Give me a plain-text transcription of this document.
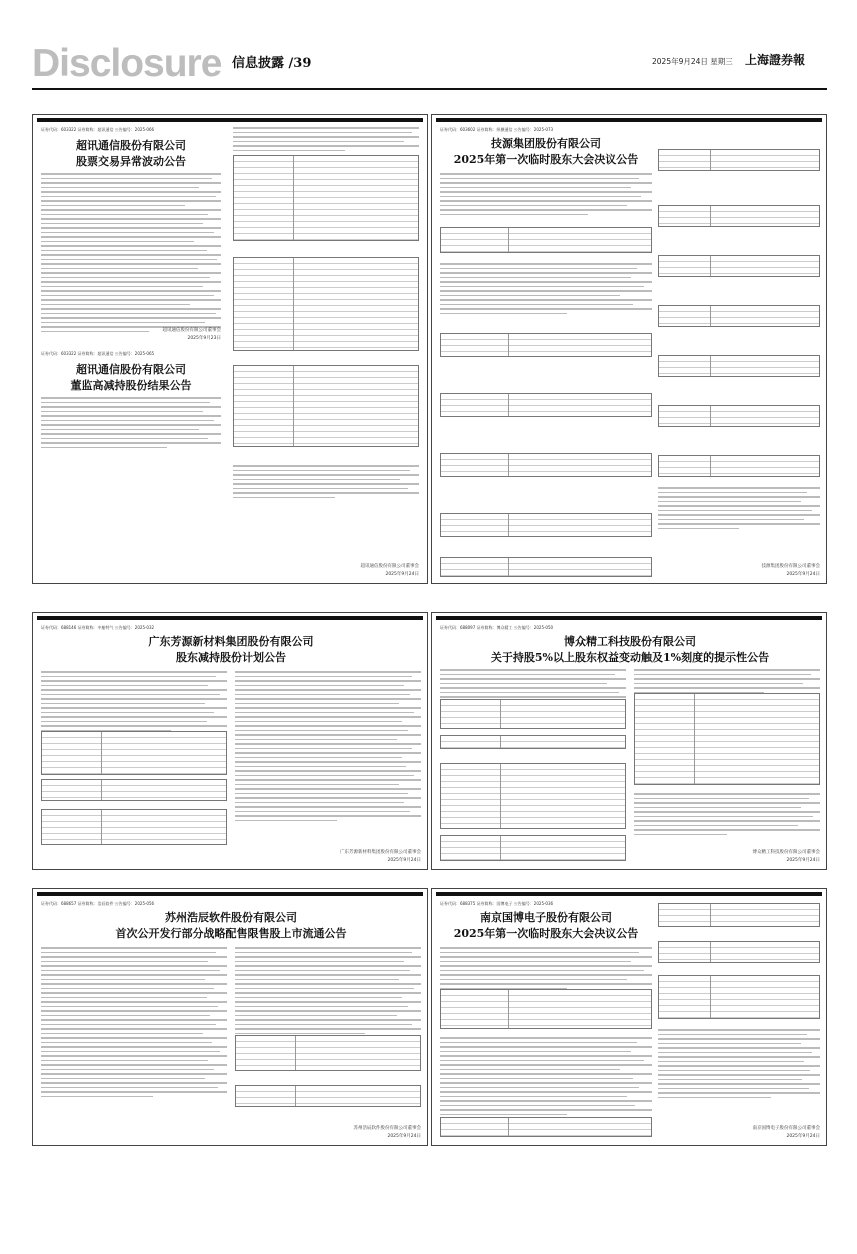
Disclosure 信息披露 /39	2025年9月24日 星期三 上海證券報
证券代码：603322 证券简称：超讯通信 公告编号：2025-066
超讯通信股份有限公司
股票交易异常波动公告
超讯通信股份有限公司董事会
2025年9月23日
证券代码：603322 证券简称：超讯通信 公告编号：2025-065
超讯通信股份有限公司
董监高减持股份结果公告
超讯通信股份有限公司董事会
2025年9月24日
证券代码：603602 证券简称：纵横通信 公告编号：2025-073
技源集团股份有限公司
2025年第一次临时股东大会决议公告
技源集团股份有限公司董事会
2025年9月24日
证券代码：688146 证券简称：中船特气 公告编号：2025-032
广东芳源新材料集团股份有限公司
股东减持股份计划公告
广东芳源新材料集团股份有限公司董事会
2025年9月24日
证券代码：688097 证券简称：博众精工 公告编号：2025-050
博众精工科技股份有限公司
关于持股5%以上股东权益变动触及1%刻度的提示性公告
博众精工科技股份有限公司董事会
2025年9月24日
证券代码：688657 证券简称：浩辰软件 公告编号：2025-056
苏州浩辰软件股份有限公司
首次公开发行部分战略配售限售股上市流通公告
苏州浩辰软件股份有限公司董事会
2025年9月24日
证券代码：688375 证券简称：国博电子 公告编号：2025-036
南京国博电子股份有限公司
2025年第一次临时股东大会决议公告
南京国博电子股份有限公司董事会
2025年9月24日
